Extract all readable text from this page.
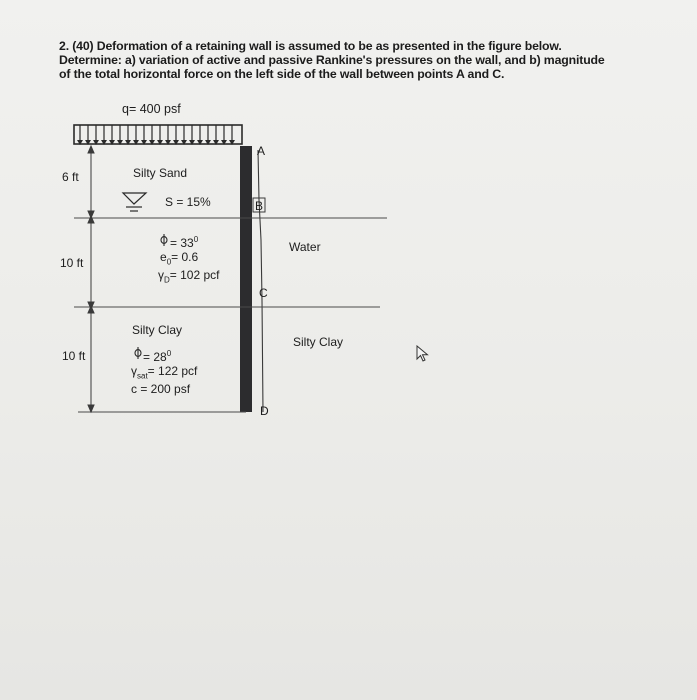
2. (40) Deformation of a retaining wall is assumed to be as presented in the figure below.
Determine: a) variation of active and passive Rankine's pressures on the wall, and b) magnitude
of the total horizontal force on the left side of the wall between points A and C.
q= 400 psf
6 ft
10 ft
10 ft
Silty Sand
S = 15%
= $33^0$
$e_0= 0.6$
$\gamma_D= 102$ pcf
Silty Clay
= $28^0$
$\gamma_{sat}= 122$ pcf
c = 200 psf
A
B
C
D
Water
Silty Clay
